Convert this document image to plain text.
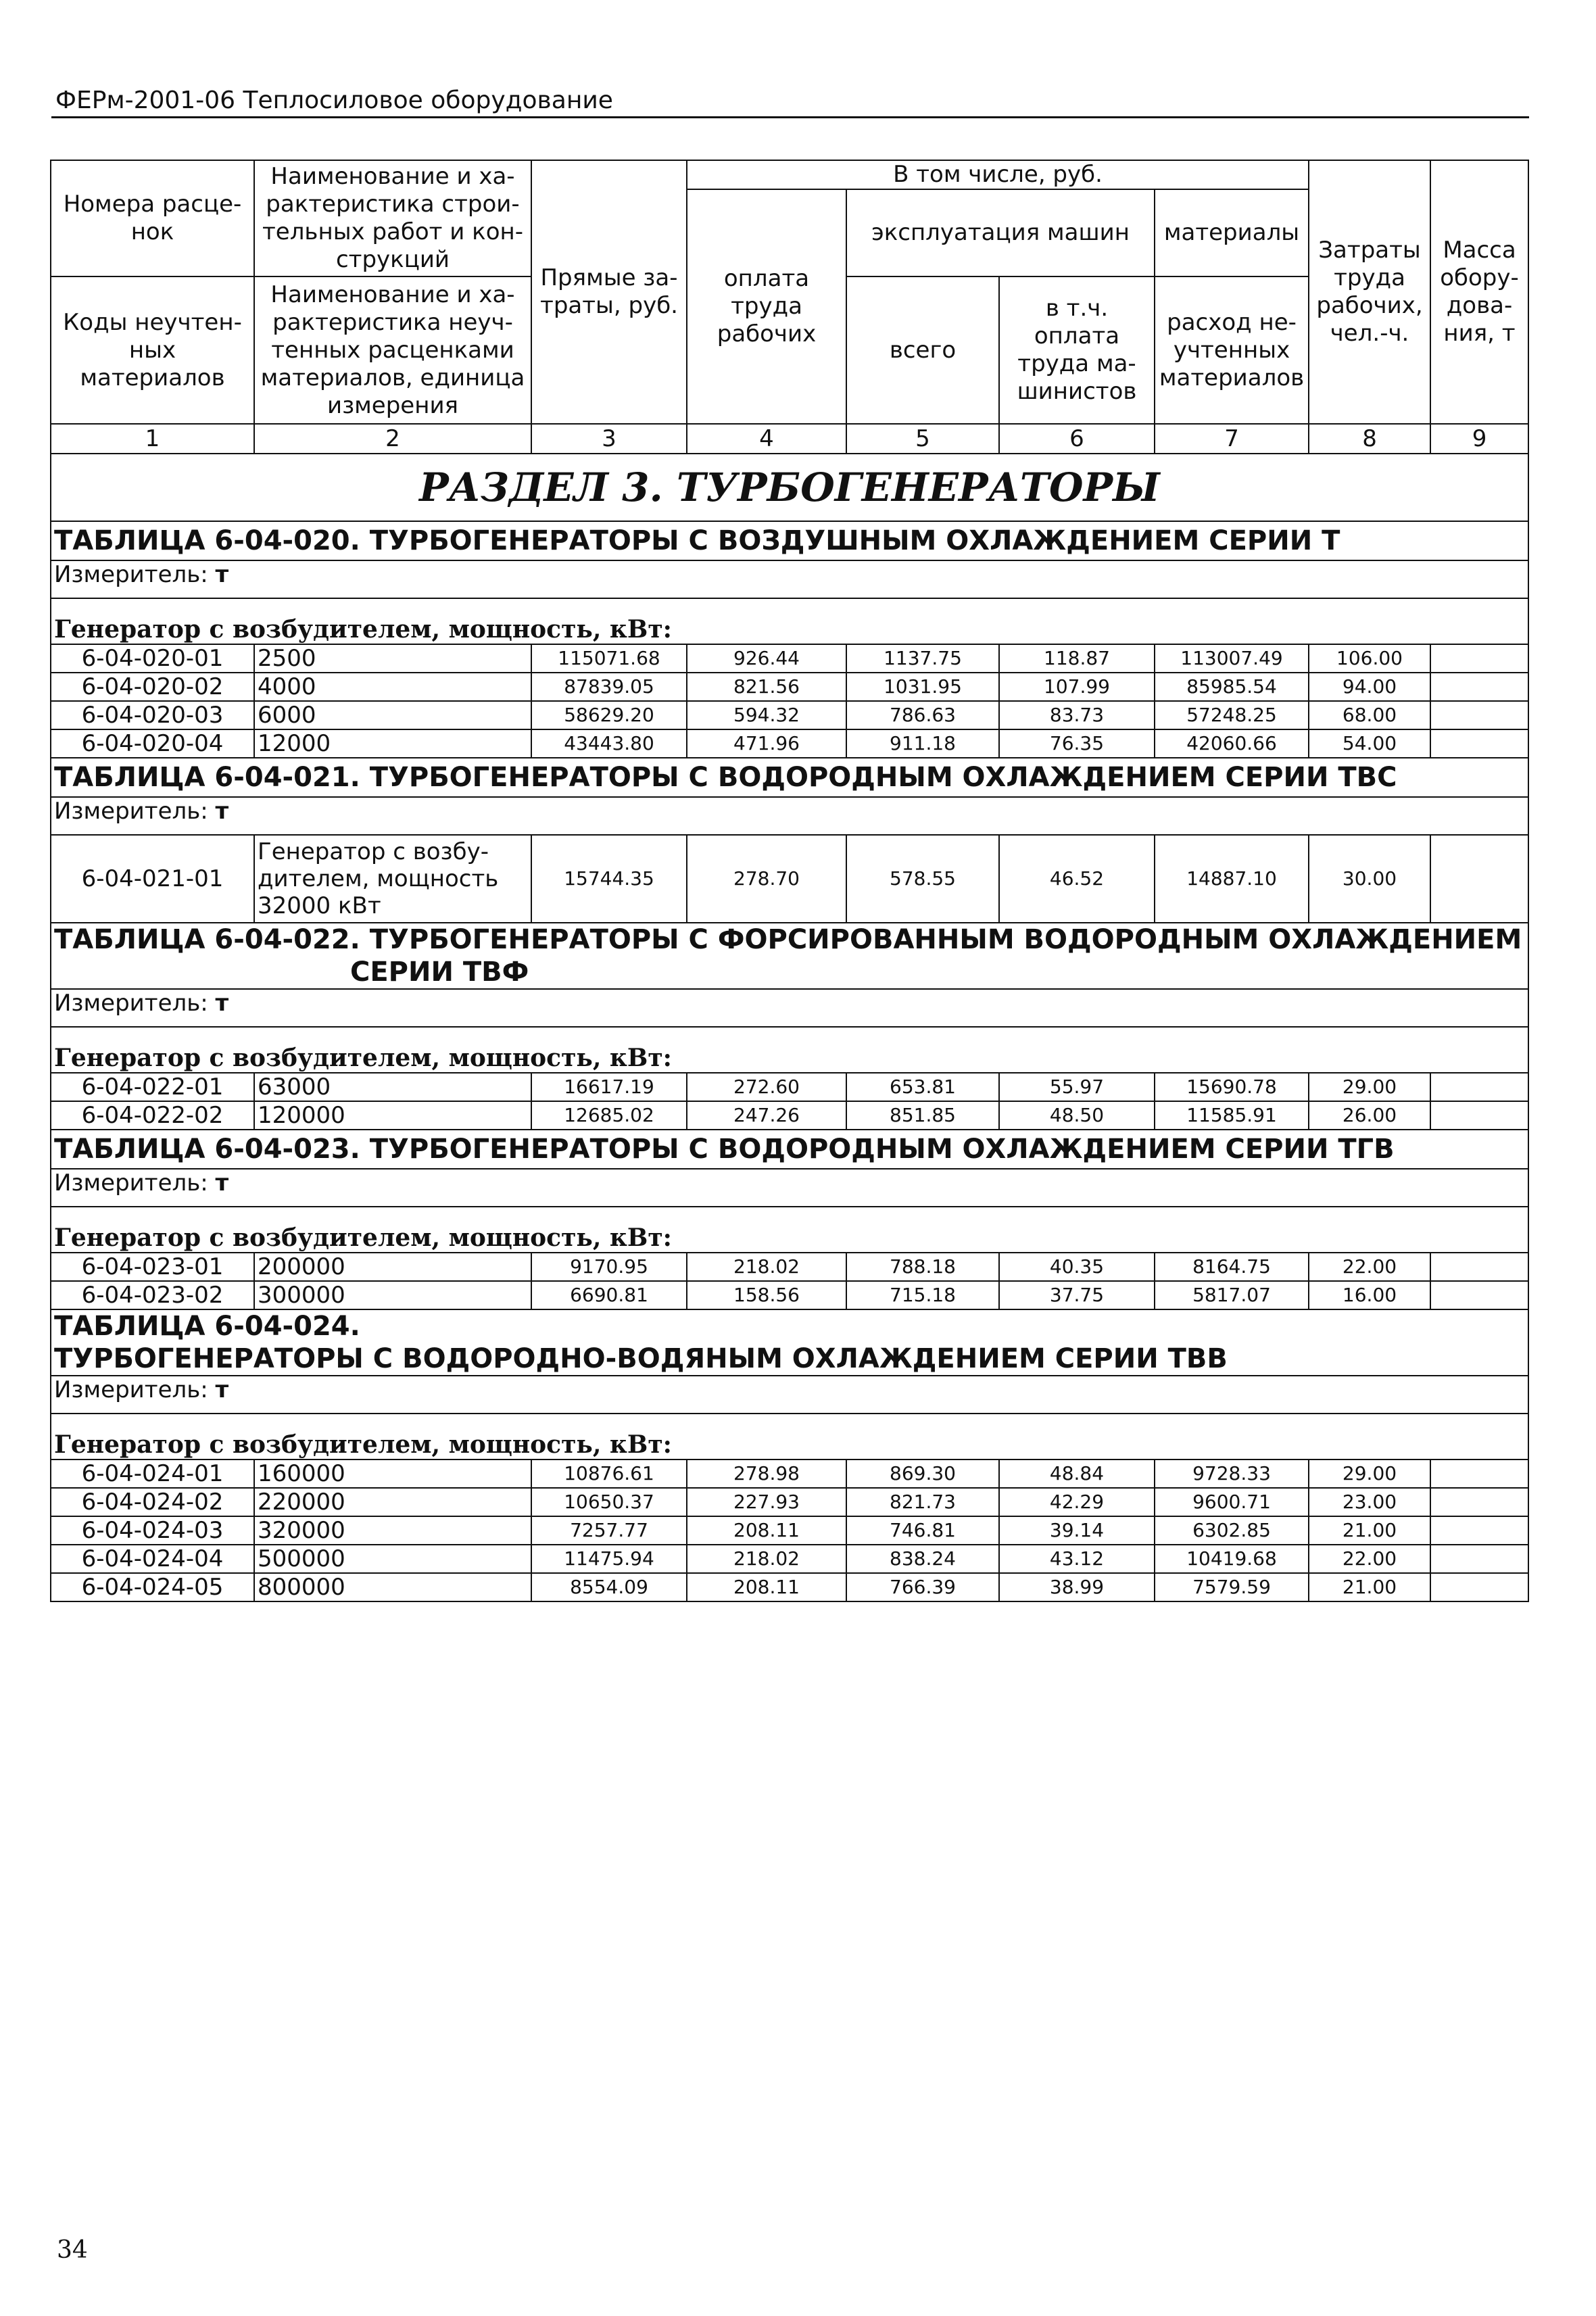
ФЕРм-2001-06 Теплосиловое оборудование
Номера расце-нок	Наименование и ха-рактеристика строи-тельных работ и кон-струкций	Прямые за-траты, руб.	В том числе, руб.				Затраты труда рабочих, чел.-ч.	Масса обору-дова-ния, т
			оплата труда рабочих	эксплуатация машин		материалы		
Коды неучтен-ных материалов	Наименование и ха-рактеристика неуч-тенных расценками материалов, единица измерения			всего	в т.ч. оплата труда ма-шинистов	расход не-учтенных материалов		

1	2	3	4	5	6	7	8	9
РАЗДЕЛ 3. ТУРБОГЕНЕРАТОРЫ								
ТАБЛИЦА 6-04-020. ТУРБОГЕНЕРАТОРЫ С ВОЗДУШНЫМ ОХЛАЖДЕНИЕМ СЕРИИ Т								
Измеритель: т								
Генератор с возбудителем, мощность, кВт:								
6-04-020-01	2500	115071.68	926.44	1137.75	118.87	113007.49	106.00	
6-04-020-02	4000	87839.05	821.56	1031.95	107.99	85985.54	94.00	
6-04-020-03	6000	58629.20	594.32	786.63	83.73	57248.25	68.00	
6-04-020-04	12000	43443.80	471.96	911.18	76.35	42060.66	54.00	
ТАБЛИЦА 6-04-021. ТУРБОГЕНЕРАТОРЫ С ВОДОРОДНЫМ ОХЛАЖДЕНИЕМ СЕРИИ ТВС								
Измеритель: т								
6-04-021-01	Генератор с возбу-дителем, мощность 32000 кВт	15744.35	278.70	578.55	46.52	14887.10	30.00	
ТАБЛИЦА 6-04-022. ТУРБОГЕНЕРАТОРЫ С ФОРСИРОВАННЫМ ВОДОРОДНЫМ ОХЛАЖДЕНИЕМ
СЕРИИ ТВФ								

Измеритель: т								
Генератор с возбудителем, мощность, кВт:								
6-04-022-01	63000	16617.19	272.60	653.81	55.97	15690.78	29.00	
6-04-022-02	120000	12685.02	247.26	851.85	48.50	11585.91	26.00	
ТАБЛИЦА 6-04-023. ТУРБОГЕНЕРАТОРЫ С ВОДОРОДНЫМ ОХЛАЖДЕНИЕМ СЕРИИ ТГВ								
Измеритель: т								
Генератор с возбудителем, мощность, кВт:								
6-04-023-01	200000	9170.95	218.02	788.18	40.35	8164.75	22.00	
6-04-023-02	300000	6690.81	158.56	715.18	37.75	5817.07	16.00	
ТАБЛИЦА 6-04-024. ТУРБОГЕНЕРАТОРЫ С ВОДОРОДНО-ВОДЯНЫМ ОХЛАЖДЕНИЕМ СЕРИИ ТВВ								
Измеритель: т								
Генератор с возбудителем, мощность, кВт:								
6-04-024-01	160000	10876.61	278.98	869.30	48.84	9728.33	29.00	
6-04-024-02	220000	10650.37	227.93	821.73	42.29	9600.71	23.00	
6-04-024-03	320000	7257.77	208.11	746.81	39.14	6302.85	21.00	
6-04-024-04	500000	11475.94	218.02	838.24	43.12	10419.68	22.00	
6-04-024-05	800000	8554.09	208.11	766.39	38.99	7579.59	21.00	
34
